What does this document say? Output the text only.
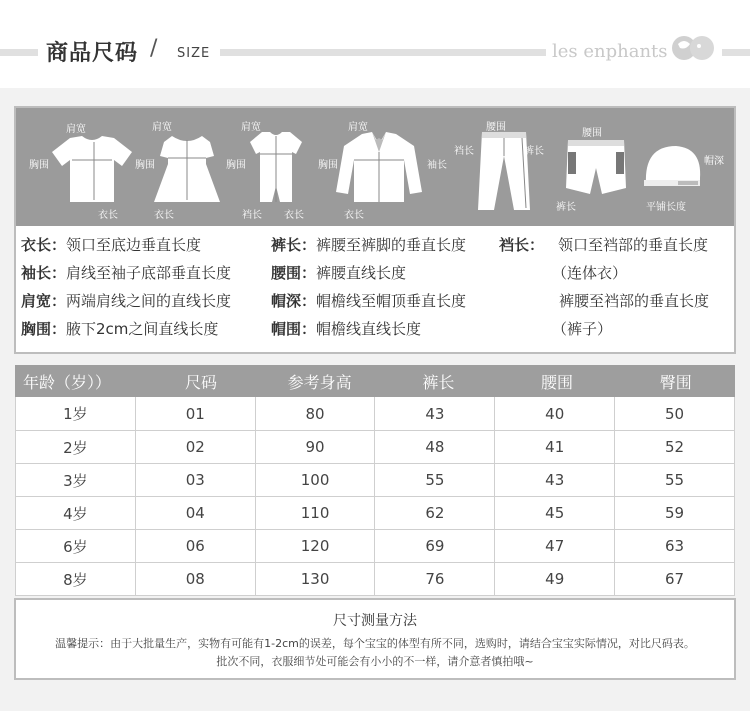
商品尺码 / SIZE	les enphants
肩宽
胸围
衣长
肩宽
胸围
衣长
肩宽
胸围
裆长 衣长
肩宽
胸围	袖长
衣长
腰围
裆长	裤长
腰围
裤长
帽深
平铺长度
衣长：领口至底边垂直长度
袖长：肩线至袖子底部垂直长度
肩宽：两端肩线之间的直线长度
胸围：腋下2cm之间直线长度
裤长：裤腰至裤脚的垂直长度
腰围：裤腰直线长度
帽深：帽檐线至帽顶垂直长度
帽围：帽檐线直线长度
裆长： 领口至裆部的垂直长度
（连体衣）
裤腰至裆部的垂直长度
（裤子）
年龄（岁））	尺码	参考身高	裤长	腰围	臀围
1岁	01	80	43	40	50
2岁	02	90	48	41	52
3岁	03	100	55	43	55
4岁	04	110	62	45	59
6岁	06	120	69	47	63
8岁	08	130	76	49	67
尺寸测量方法
温馨提示：由于大批量生产，实物有可能有1-2cm的误差，每个宝宝的体型有所不同，选购时，请结合宝宝实际情况，对比尺码表。
批次不同，衣服细节处可能会有小小的不一样，请介意者慎拍哦~
